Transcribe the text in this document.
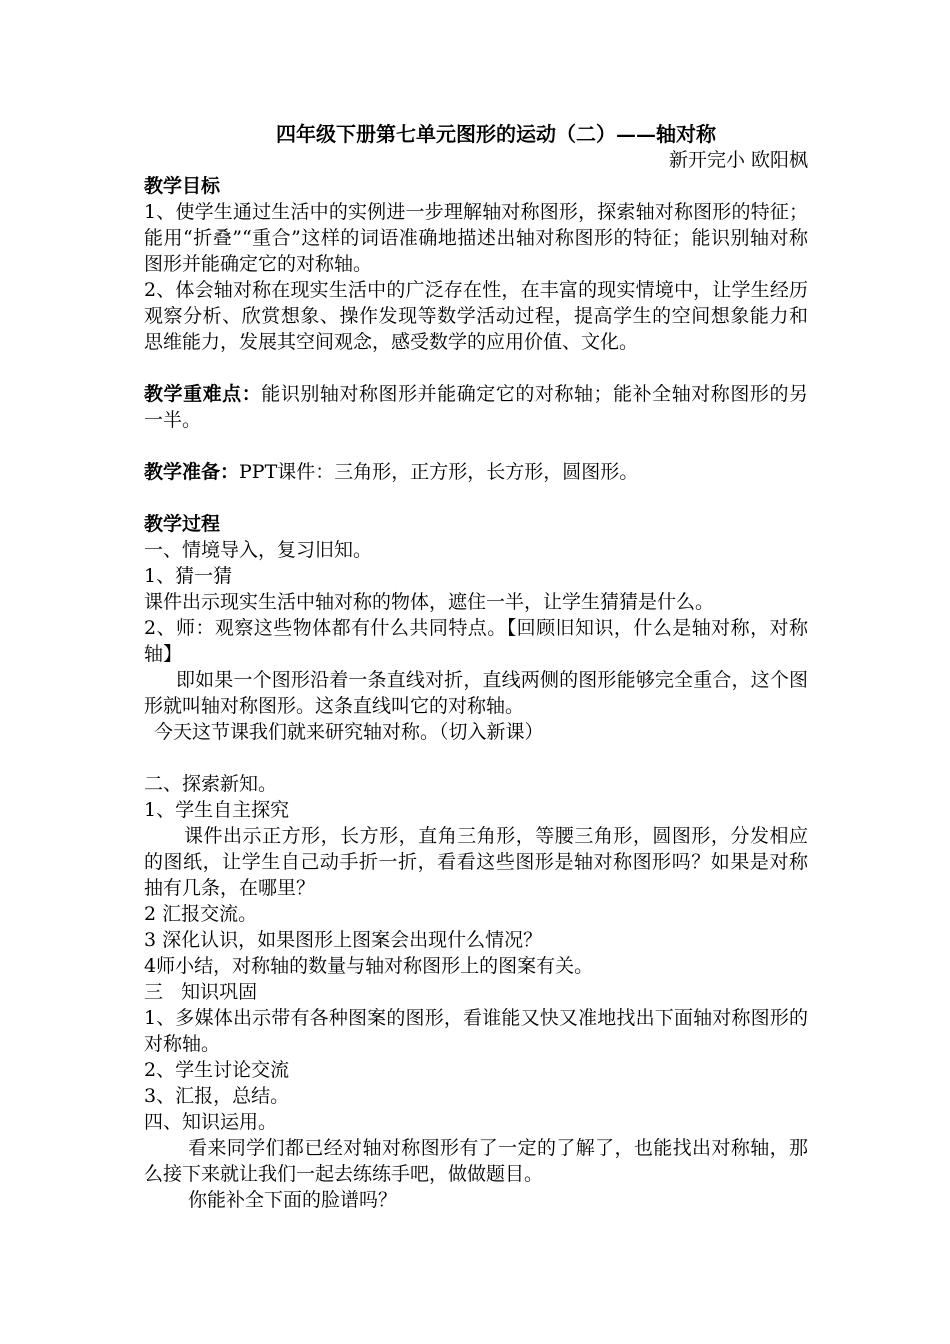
四年级下册第七单元图形的运动（二）——轴对称
新开完小 欧阳枫
教学目标
1、使学生通过生活中的实例进一步理解轴对称图形，探索轴对称图形的特征；能用“折叠”“重合”这样的词语准确地描述出轴对称图形的特征；能识别轴对称图形并能确定它的对称轴。
2、体会轴对称在现实生活中的广泛存在性，在丰富的现实情境中，让学生经历观察分析、欣赏想象、操作发现等数学活动过程，提高学生的空间想象能力和思维能力，发展其空间观念，感受数学的应用价值、文化。
教学重难点：能识别轴对称图形并能确定它的对称轴；能补全轴对称图形的另一半。
教学准备：PPT课件：三角形，正方形，长方形，圆图形。
教学过程
一、情境导入，复习旧知。
1、猜一猜
课件出示现实生活中轴对称的物体，遮住一半，让学生猜猜是什么。
2、师：观察这些物体都有什么共同特点。【回顾旧知识，什么是轴对称，对称轴】
即如果一个图形沿着一条直线对折，直线两侧的图形能够完全重合，这个图形就叫轴对称图形。这条直线叫它的对称轴。
今天这节课我们就来研究轴对称。（切入新课）
二、探索新知。
1、学生自主探究
课件出示正方形，长方形，直角三角形，等腰三角形，圆图形，分发相应的图纸，让学生自己动手折一折，看看这些图形是轴对称图形吗？如果是对称抽有几条，在哪里？
2 汇报交流。
3 深化认识，如果图形上图案会出现什么情况？
4师小结，对称轴的数量与轴对称图形上的图案有关。
三   知识巩固
1、多媒体出示带有各种图案的图形，看谁能又快又准地找出下面轴对称图形的对称轴。
2、学生讨论交流
3、汇报，总结。
四、知识运用。
看来同学们都已经对轴对称图形有了一定的了解了，也能找出对称轴，那么接下来就让我们一起去练练手吧，做做题目。
你能补全下面的脸谱吗？
